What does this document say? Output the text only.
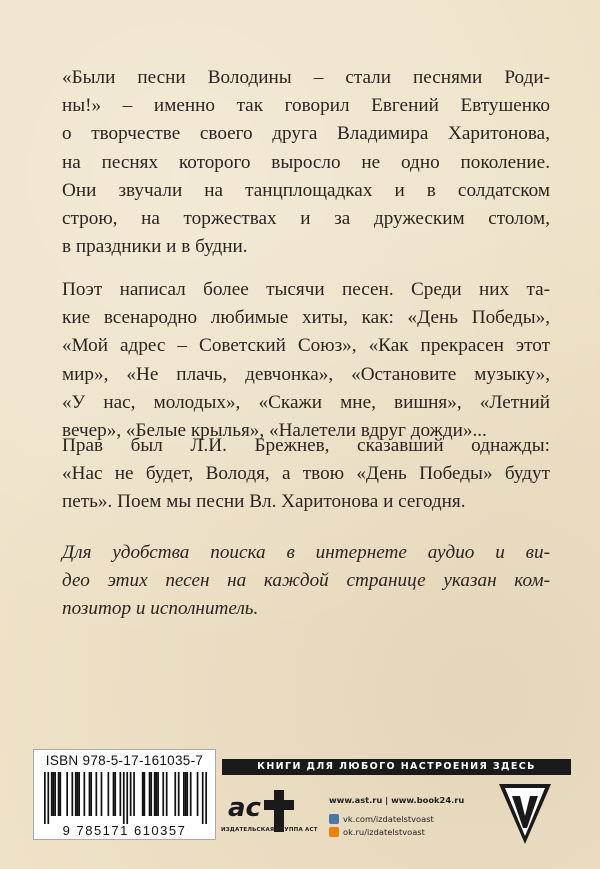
«Были песни Володины – стали песнями Роди-
ны!» – именно так говорил Евгений Евтушенко
о творчестве своего друга Владимира Харитонова,
на песнях которого выросло не одно поколение.
Они звучали на танцплощадках и в солдатском
строю, на торжествах и за дружеским столом,
в праздники и в будни.
Поэт написал более тысячи песен. Среди них та-
кие всенародно любимые хиты, как: «День Победы»,
«Мой адрес – Советский Союз», «Как прекрасен этот
мир», «Не плачь, девчонка», «Остановите музыку»,
«У нас, молодых», «Скажи мне, вишня», «Летний
вечер», «Белые крылья», «Налетели вдруг дожди»...
Прав был Л.И. Брежнев, сказавший однажды:
«Нас не будет, Володя, а твою «День Победы» будут
петь». Поем мы песни Вл. Харитонова и сегодня.
Для удобства поиска в интернете аудио и ви-
део этих песен на каждой странице указан ком-
позитор и исполнитель.
ISBN 978-5-17-161035-7
9 785171 610357
КНИГИ ДЛЯ ЛЮБОГО НАСТРОЕНИЯ ЗДЕСЬ
ac
ИЗДАТЕЛЬСКАЯ ГРУППА АСТ
www.ast.ru | www.book24.ru
vk.com/izdatelstvoast
ok.ru/izdatelstvoast
